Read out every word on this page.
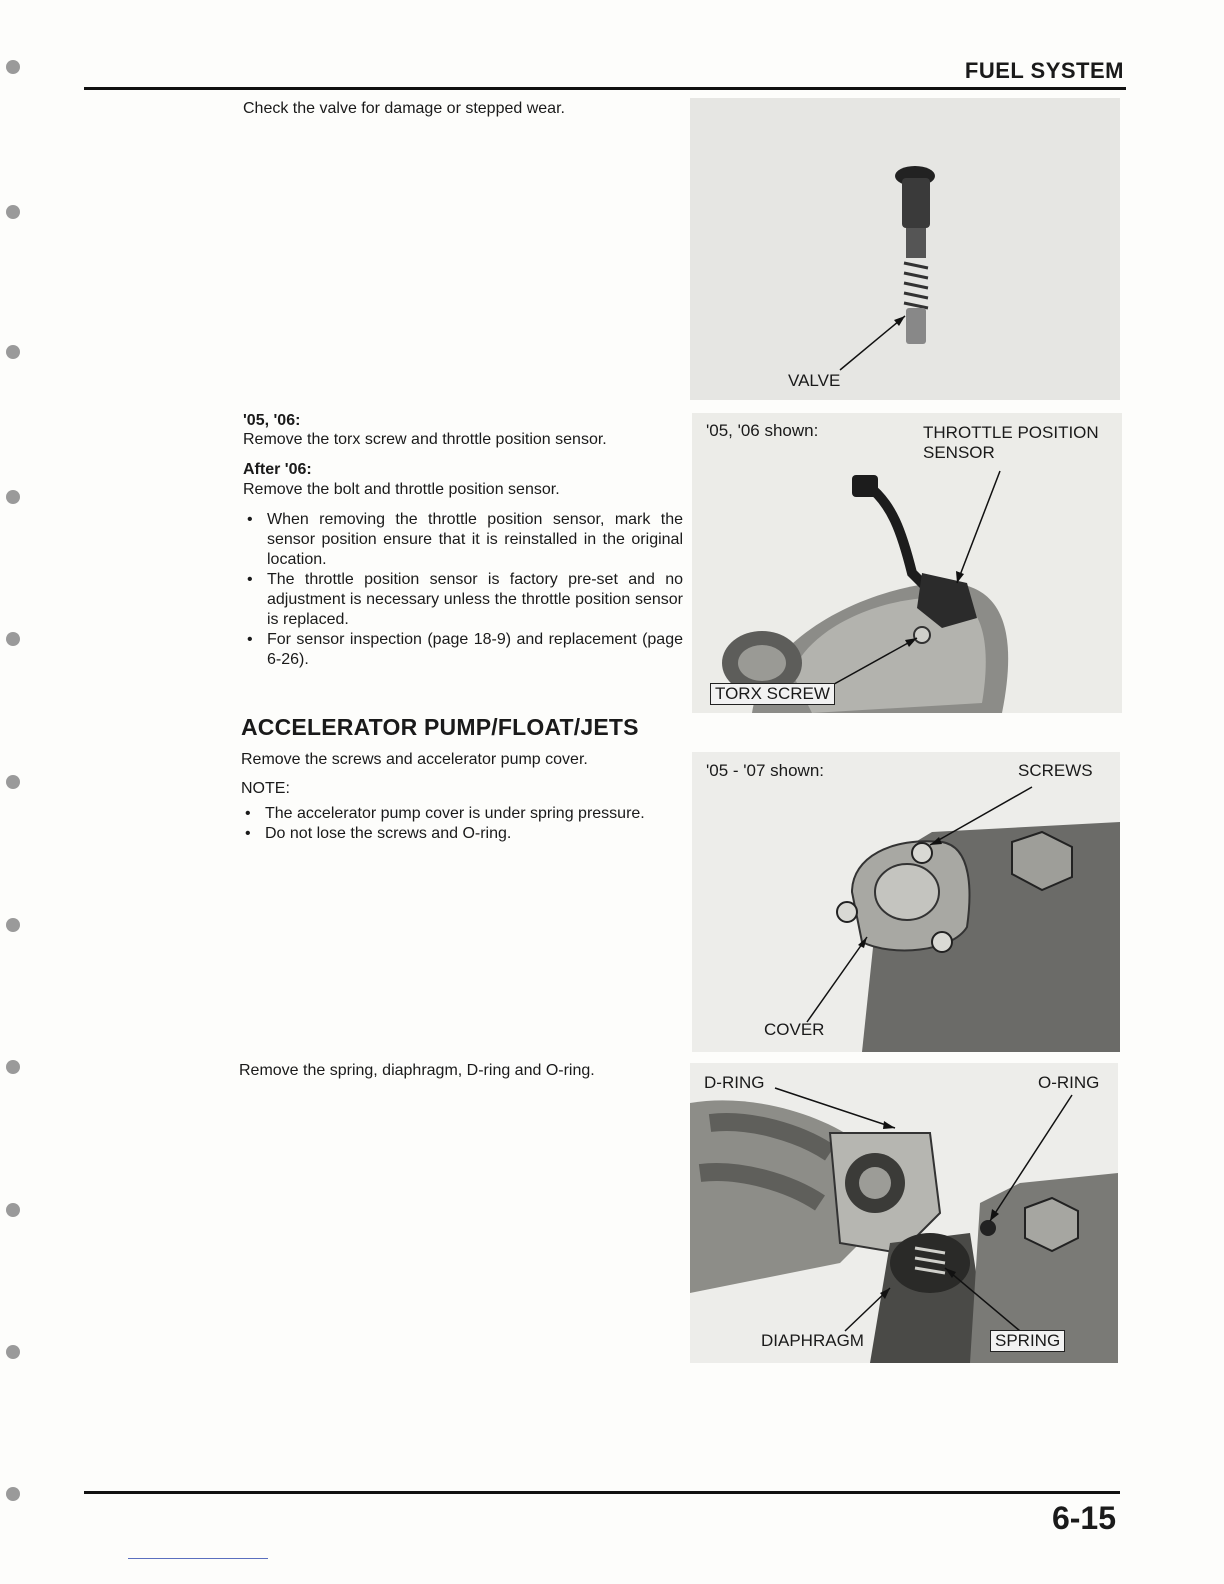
FUEL SYSTEM
Check the valve for damage or stepped wear.
VALVE
'05, '06:
Remove the torx screw and throttle position sensor.
After '06:
Remove the bolt and throttle position sensor.
• When removing the throttle position sensor, mark the sensor position ensure that it is reinstalled in the original location.
• The throttle position sensor is factory pre-set and no adjustment is necessary unless the throttle position sensor is replaced.
• For sensor inspection (page 18-9) and replacement (page 6-26).
'05, '06 shown:	THROTTLE POSITION
SENSOR
TORX SCREW
ACCELERATOR PUMP/FLOAT/JETS
Remove the screws and accelerator pump cover.
NOTE:
• The accelerator pump cover is under spring pressure.
• Do not lose the screws and O-ring.
'05 - '07 shown:	SCREWS
COVER
Remove the spring, diaphragm, D-ring and O-ring.
D-RING	O-RING
DIAPHRAGM	SPRING
6-15
